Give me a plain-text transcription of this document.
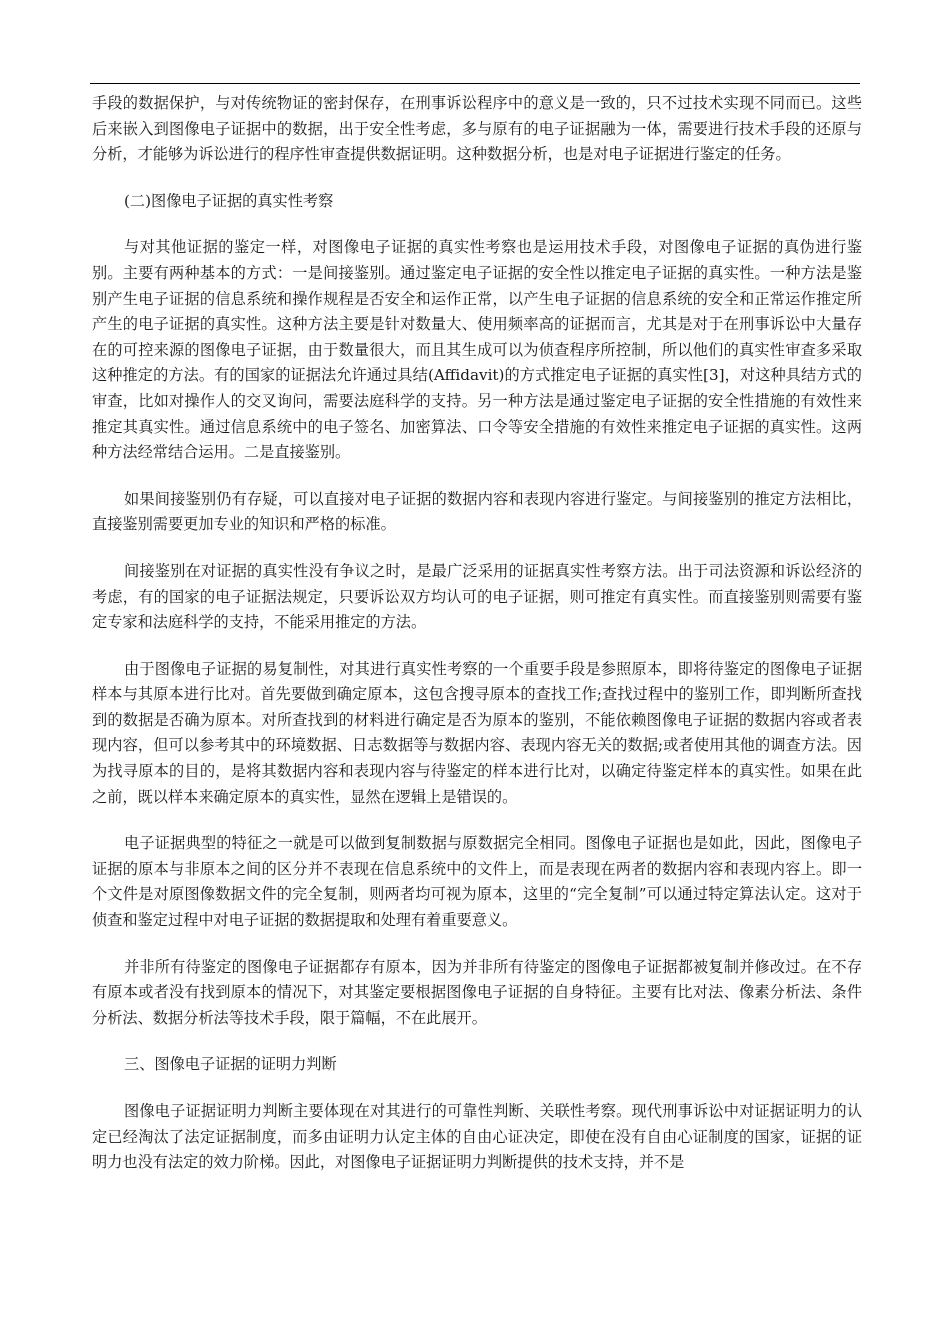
手段的数据保护，与对传统物证的密封保存，在刑事诉讼程序中的意义是一致的，只不过技术实现不同而已。这些后来嵌入到图像电子证据中的数据，出于安全性考虑，多与原有的电子证据融为一体，需要进行技术手段的还原与分析，才能够为诉讼进行的程序性审查提供数据证明。这种数据分析，也是对电子证据进行鉴定的任务。

(二)图像电子证据的真实性考察

与对其他证据的鉴定一样，对图像电子证据的真实性考察也是运用技术手段，对图像电子证据的真伪进行鉴别。主要有两种基本的方式：一是间接鉴别。通过鉴定电子证据的安全性以推定电子证据的真实性。一种方法是鉴别产生电子证据的信息系统和操作规程是否安全和运作正常，以产生电子证据的信息系统的安全和正常运作推定所产生的电子证据的真实性。这种方法主要是针对数量大、使用频率高的证据而言，尤其是对于在刑事诉讼中大量存在的可控来源的图像电子证据，由于数量很大，而且其生成可以为侦查程序所控制，所以他们的真实性审查多采取这种推定的方法。有的国家的证据法允许通过具结(Affidavit)的方式推定电子证据的真实性[3]，对这种具结方式的审查，比如对操作人的交叉询问，需要法庭科学的支持。另一种方法是通过鉴定电子证据的安全性措施的有效性来推定其真实性。通过信息系统中的电子签名、加密算法、口令等安全措施的有效性来推定电子证据的真实性。这两种方法经常结合运用。二是直接鉴别。

如果间接鉴别仍有存疑，可以直接对电子证据的数据内容和表现内容进行鉴定。与间接鉴别的推定方法相比，直接鉴别需要更加专业的知识和严格的标准。

间接鉴别在对证据的真实性没有争议之时，是最广泛采用的证据真实性考察方法。出于司法资源和诉讼经济的考虑，有的国家的电子证据法规定，只要诉讼双方均认可的电子证据，则可推定有真实性。而直接鉴别则需要有鉴定专家和法庭科学的支持，不能采用推定的方法。

由于图像电子证据的易复制性，对其进行真实性考察的一个重要手段是参照原本，即将待鉴定的图像电子证据样本与其原本进行比对。首先要做到确定原本，这包含搜寻原本的查找工作;查找过程中的鉴别工作，即判断所查找到的数据是否确为原本。对所查找到的材料进行确定是否为原本的鉴别，不能依赖图像电子证据的数据内容或者表现内容，但可以参考其中的环境数据、日志数据等与数据内容、表现内容无关的数据;或者使用其他的调查方法。因为找寻原本的目的，是将其数据内容和表现内容与待鉴定的样本进行比对，以确定待鉴定样本的真实性。如果在此之前，既以样本来确定原本的真实性，显然在逻辑上是错误的。

电子证据典型的特征之一就是可以做到复制数据与原数据完全相同。图像电子证据也是如此，因此，图像电子证据的原本与非原本之间的区分并不表现在信息系统中的文件上，而是表现在两者的数据内容和表现内容上。即一个文件是对原图像数据文件的完全复制，则两者均可视为原本，这里的“完全复制”可以通过特定算法认定。这对于侦查和鉴定过程中对电子证据的数据提取和处理有着重要意义。

并非所有待鉴定的图像电子证据都存有原本，因为并非所有待鉴定的图像电子证据都被复制并修改过。在不存有原本或者没有找到原本的情况下，对其鉴定要根据图像电子证据的自身特征。主要有比对法、像素分析法、条件分析法、数据分析法等技术手段，限于篇幅，不在此展开。

三、图像电子证据的证明力判断

图像电子证据证明力判断主要体现在对其进行的可靠性判断、关联性考察。现代刑事诉讼中对证据证明力的认定已经淘汰了法定证据制度，而多由证明力认定主体的自由心证决定，即使在没有自由心证制度的国家，证据的证明力也没有法定的效力阶梯。因此，对图像电子证据证明力判断提供的技术支持，并不是
